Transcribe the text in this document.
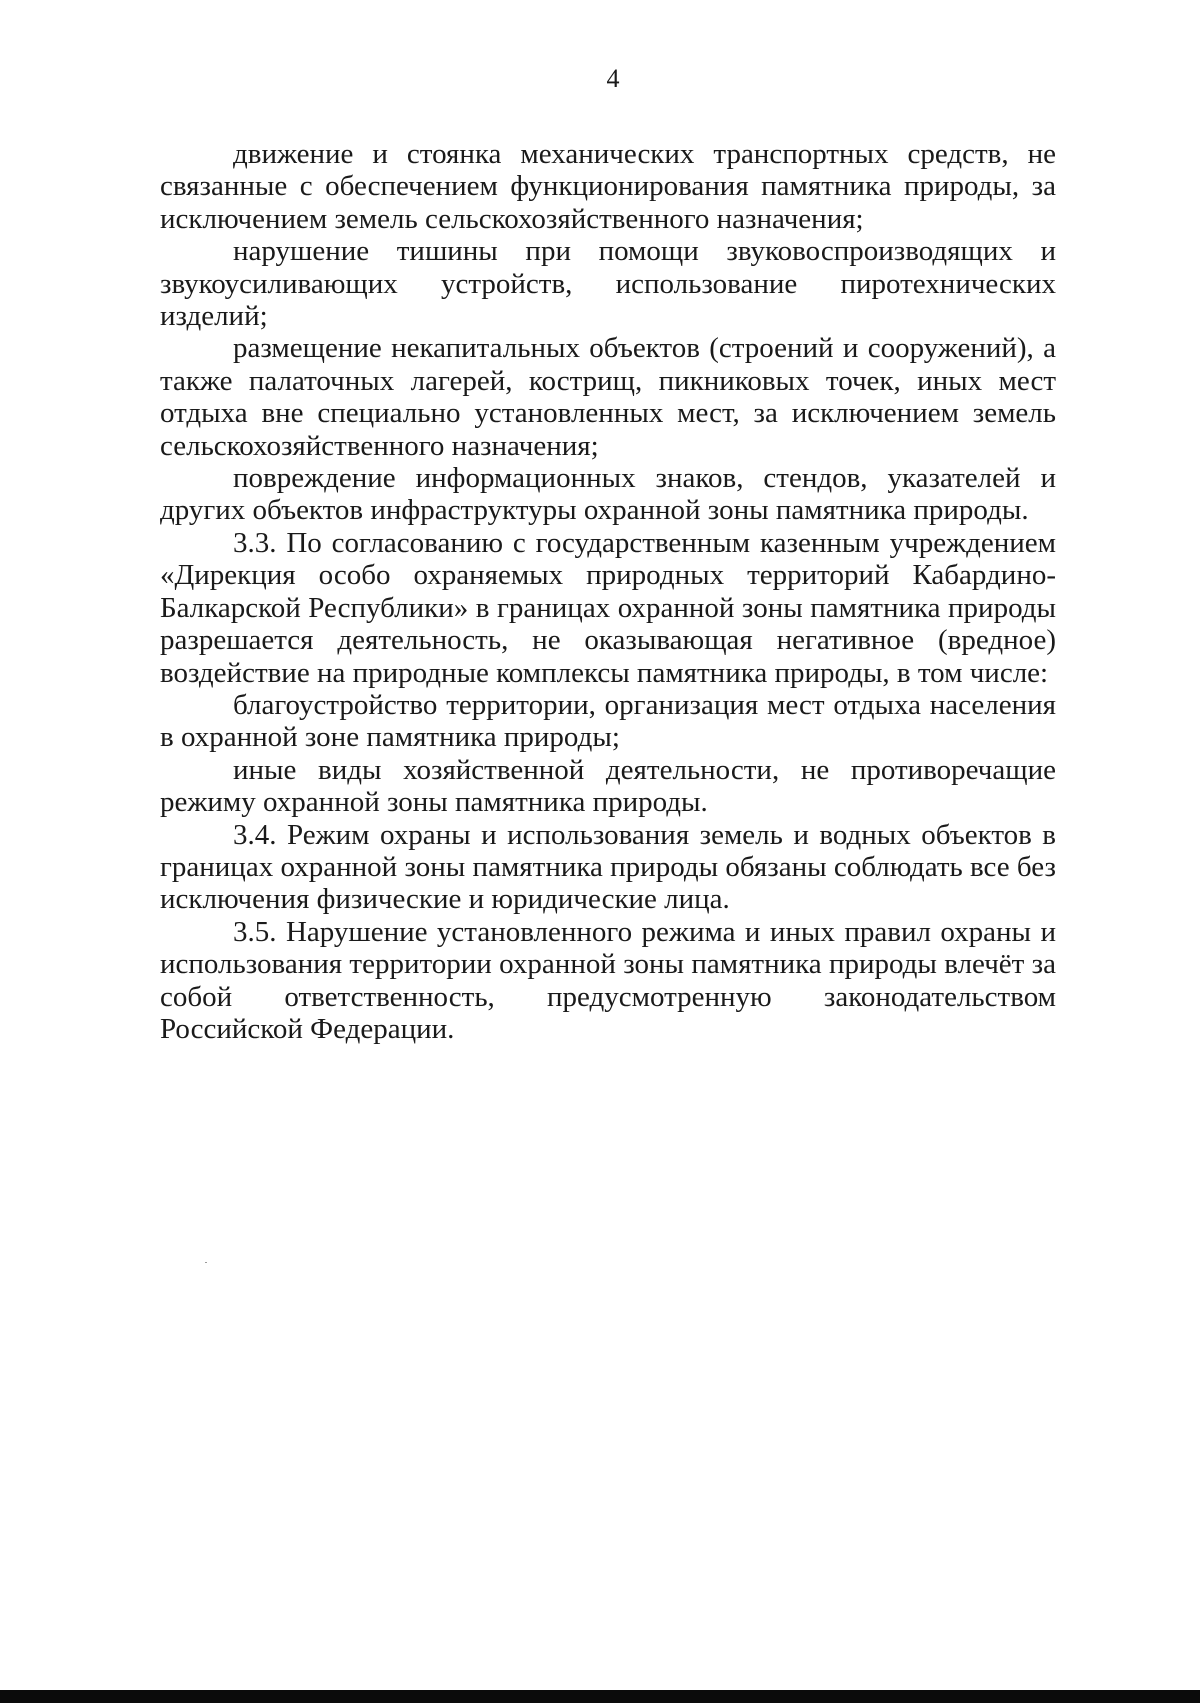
4

движение и стоянка механических транспортных средств, не связанные с обеспечением функционирования памятника природы, за исключением земель сельскохозяйственного назначения;

нарушение тишины при помощи звуковоспроизводящих и звукоусиливающих устройств, использование пиротехнических изделий;

размещение некапитальных объектов (строений и сооружений), а также палаточных лагерей, кострищ, пикниковых точек, иных мест отдыха вне специально установленных мест, за исключением земель сельскохозяйственного назначения;

повреждение информационных знаков, стендов, указателей и других объектов инфраструктуры охранной зоны памятника природы.

3.3. По согласованию с государственным казенным учреждением «Дирекция особо охраняемых природных территорий Кабардино-Балкарской Республики» в границах охранной зоны памятника природы разрешается деятельность, не оказывающая негативное (вредное) воздействие на природные комплексы памятника природы, в том числе:

благоустройство территории, организация мест отдыха населения в охранной зоне памятника природы;

иные виды хозяйственной деятельности, не противоречащие режиму охранной зоны памятника природы.

3.4. Режим охраны и использования земель и водных объектов в границах охранной зоны памятника природы обязаны соблюдать все без исключения физические и юридические лица.

3.5. Нарушение установленного режима и иных правил охраны и использования территории охранной зоны памятника природы влечёт за собой ответственность, предусмотренную законодательством Российской Федерации.
